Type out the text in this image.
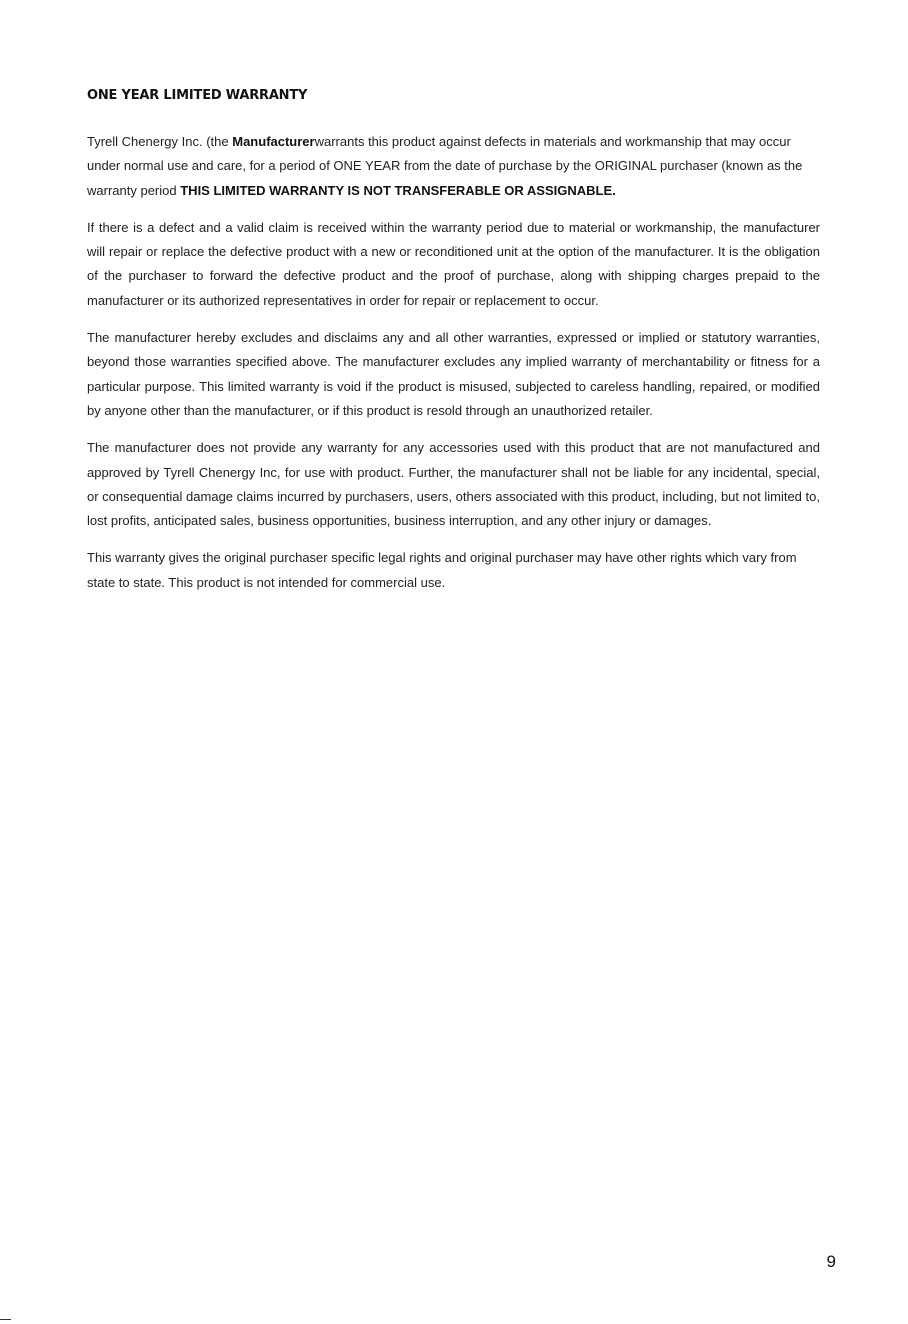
ONE YEAR LIMITED WARRANTY

Tyrell Chenergy Inc. (the Manufacturerwarrants this product against defects in materials and workmanship that may occur under normal use and care, for a period of ONE YEAR from the date of purchase by the ORIGINAL purchaser (known as the warranty period THIS LIMITED WARRANTY IS NOT TRANSFERABLE OR ASSIGNABLE.

If there is a defect and a valid claim is received within the warranty period due to material or workmanship, the manufacturer will repair or replace the defective product with a new or reconditioned unit at the option of the manufacturer. It is the obligation of the purchaser to forward the defective product and the proof of purchase, along with shipping charges prepaid to the manufacturer or its authorized representatives in order for repair or replacement to occur.

The manufacturer hereby excludes and disclaims any and all other warranties, expressed or implied or statutory warranties, beyond those warranties specified above. The manufacturer excludes any implied warranty of merchantability or fitness for a particular purpose. This limited warranty is void if the product is misused, subjected to careless handling, repaired, or modified by anyone other than the manufacturer, or if this product is resold through an unauthorized retailer.

The manufacturer does not provide any warranty for any accessories used with this product that are not manufactured and approved by Tyrell Chenergy Inc, for use with product. Further, the manufacturer shall not be liable for any incidental, special, or consequential damage claims incurred by purchasers, users, others associated with this product, including, but not limited to, lost profits, anticipated sales, business opportunities, business interruption, and any other injury or damages.

This warranty gives the original purchaser specific legal rights and original purchaser may have other rights which vary from state to state. This product is not intended for commercial use.

9
